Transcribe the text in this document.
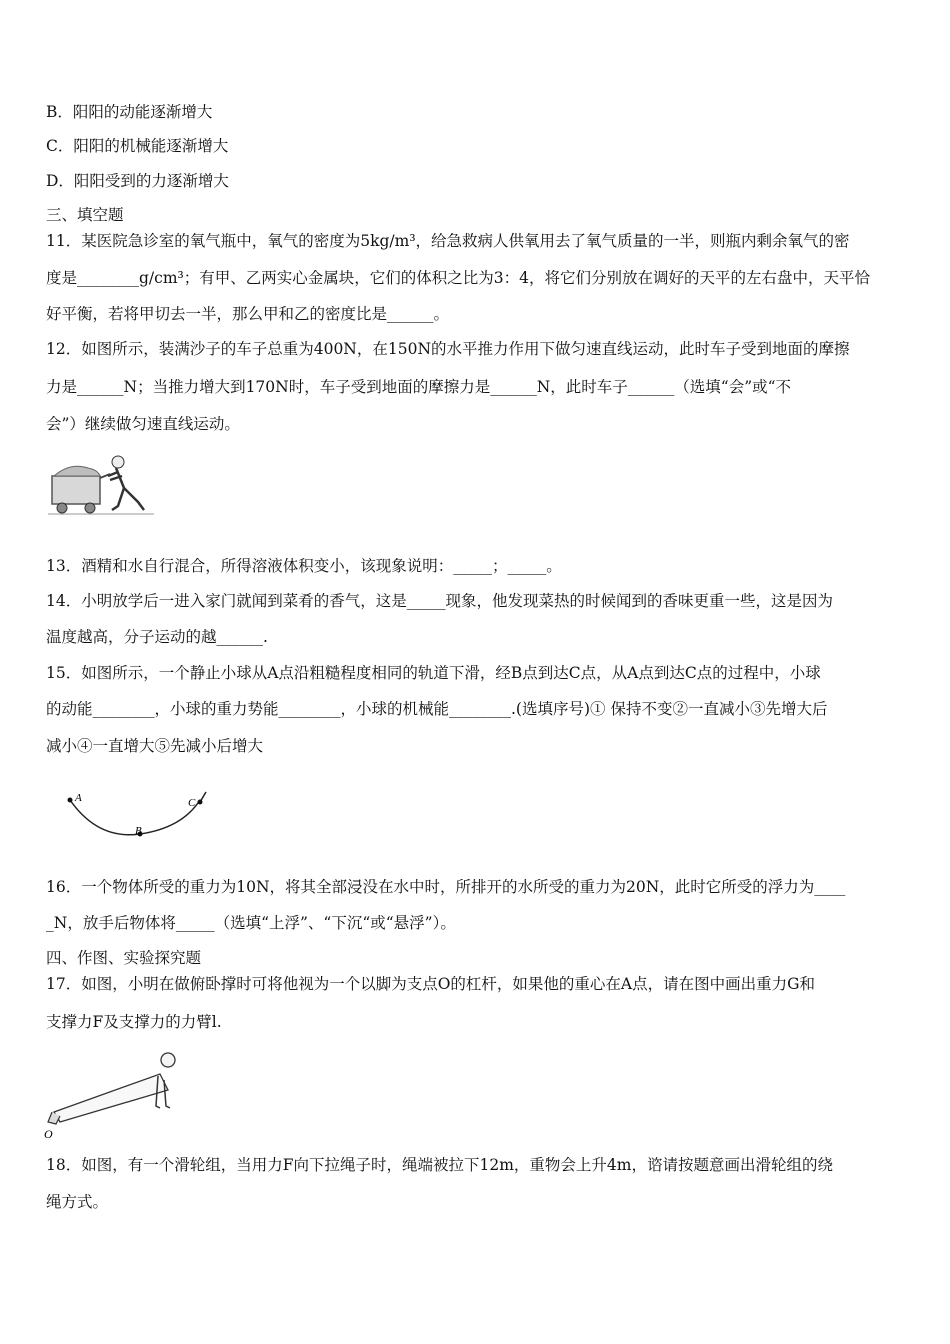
B．阳阳的动能逐渐增大
C．阳阳的机械能逐渐增大
D．阳阳受到的力逐渐增大
三、填空题
11．某医院急诊室的氧气瓶中，氧气的密度为5kg/m³，给急救病人供氧用去了氧气质量的一半，则瓶内剩余氧气的密
度是________g/cm³；有甲、乙两实心金属块，它们的体积之比为3：4，将它们分别放在调好的天平的左右盘中，天平恰
好平衡，若将甲切去一半，那么甲和乙的密度比是______。
12．如图所示，装满沙子的车子总重为400N，在150N的水平推力作用下做匀速直线运动，此时车子受到地面的摩擦
力是______N；当推力增大到170N时，车子受到地面的摩擦力是______N，此时车子______（选填“会”或“不
会”）继续做匀速直线运动。
13．酒精和水自行混合，所得溶液体积变小，该现象说明：_____；_____。
14．小明放学后一进入家门就闻到菜肴的香气，这是_____现象，他发现菜热的时候闻到的香味更重一些，这是因为
温度越高，分子运动的越______.
15．如图所示，一个静止小球从A点沿粗糙程度相同的轨道下滑，经B点到达C点，从A点到达C点的过程中，小球
的动能________，小球的重力势能________，小球的机械能________.(选填序号)① 保持不变②一直减小③先增大后
减小④一直增大⑤先减小后增大
A
B
C
16．一个物体所受的重力为10N，将其全部浸没在水中时，所排开的水所受的重力为20N，此时它所受的浮力为____
_N，放手后物体将_____（选填“上浮”、“下沉“或“悬浮”）。
四、作图、实验探究题
17．如图，小明在做俯卧撑时可将他视为一个以脚为支点O的杠杆，如果他的重心在A点，请在图中画出重力G和
支撑力F及支撑力的力臂l.
O
18．如图，有一个滑轮组，当用力F向下拉绳子时，绳端被拉下12m，重物会上升4m，谘请按题意画出滑轮组的绕
绳方式。
